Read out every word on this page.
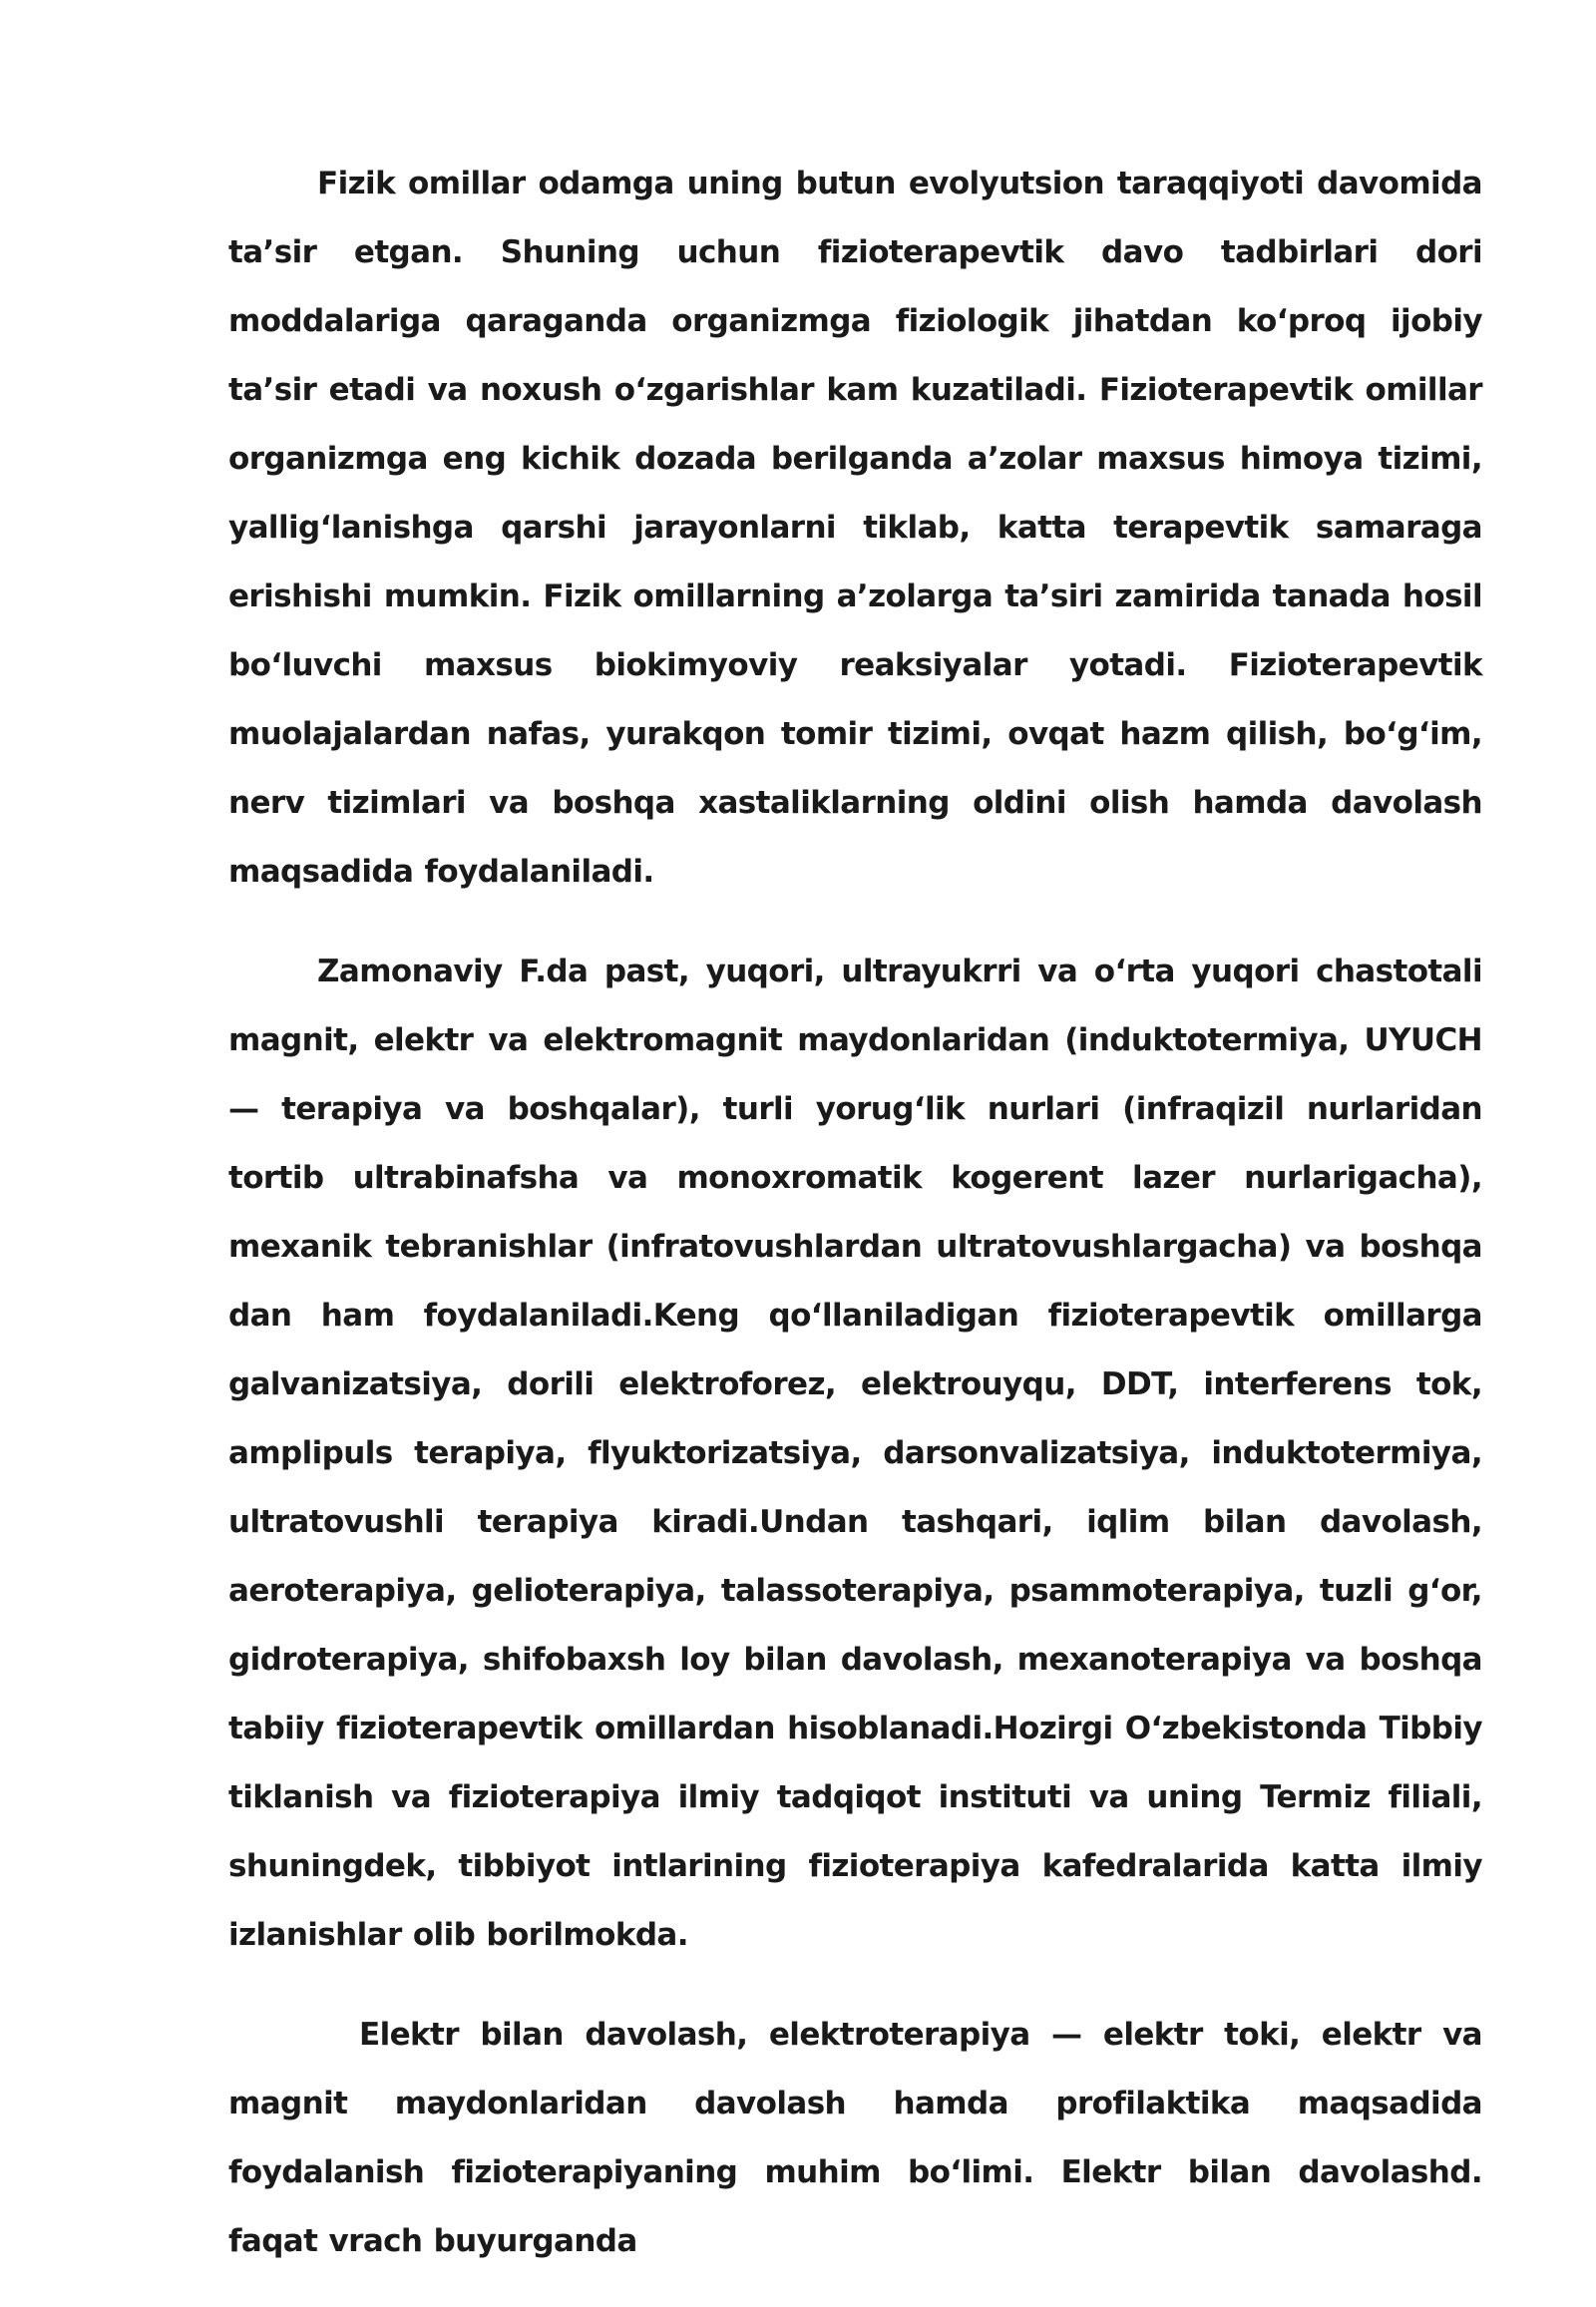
Fizik omillar odamga uning butun evolyutsion taraqqiyoti davomida ta’sir etgan. Shuning uchun fizioterapevtik davo tadbirlari dori moddalariga qaraganda organizmga fiziologik jihatdan ko‘proq ijobiy ta’sir etadi va noxush o‘zgarishlar kam kuzatiladi. Fizioterapevtik omillar organizmga eng kichik dozada berilganda a’zolar maxsus himoya tizimi, yallig‘lanishga qarshi jarayonlarni tiklab, katta terapevtik samaraga erishishi mumkin. Fizik omillarning a’zolarga ta’siri zamirida tanada hosil bo‘luvchi maxsus biokimyoviy reaksiyalar yotadi. Fizioterapevtik muolajalardan nafas, yurakqon tomir tizimi, ovqat hazm qilish, bo‘g‘im, nerv tizimlari va boshqa xastaliklarning oldini olish hamda davolash maqsadida foydalaniladi.

Zamonaviy F.da past, yuqori, ultrayukrri va o‘rta yuqori chastotali magnit, elektr va elektromagnit maydonlaridan (induktotermiya, UYUCH — terapiya va boshqalar), turli yorug‘lik nurlari (infraqizil nurlaridan tortib ultrabinafsha va monoxromatik kogerent lazer nurlarigacha), mexanik tebranishlar (infratovushlardan ultratovushlargacha) va boshqa dan ham foydalaniladi.Keng qo‘llaniladigan fizioterapevtik omillarga galvanizatsiya, dorili elektroforez, elektrouyqu, DDT, interferens tok, amplipuls terapiya, flyuktorizatsiya, darsonvalizatsiya, induktotermiya, ultratovushli terapiya kiradi.Undan tashqari, iqlim bilan davolash, aeroterapiya, gelioterapiya, talassoterapiya, psammoterapiya, tuzli g‘or, gidroterapiya, shifobaxsh loy bilan davolash, mexanoterapiya va boshqa tabiiy fizioterapevtik omillardan hisoblanadi.Hozirgi O‘zbekistonda Tibbiy tiklanish va fizioterapiya ilmiy tadqiqot instituti va uning Termiz filiali, shuningdek, tibbiyot intlarining fizioterapiya kafedralarida katta ilmiy izlanishlar olib borilmokda.

Elektr bilan davolash, elektroterapiya — elektr toki, elektr va magnit maydonlaridan davolash hamda profilaktika maqsadida foydalanish fizioterapiyaning muhim bo‘limi. Elektr bilan davolashd. faqat vrach buyurganda
